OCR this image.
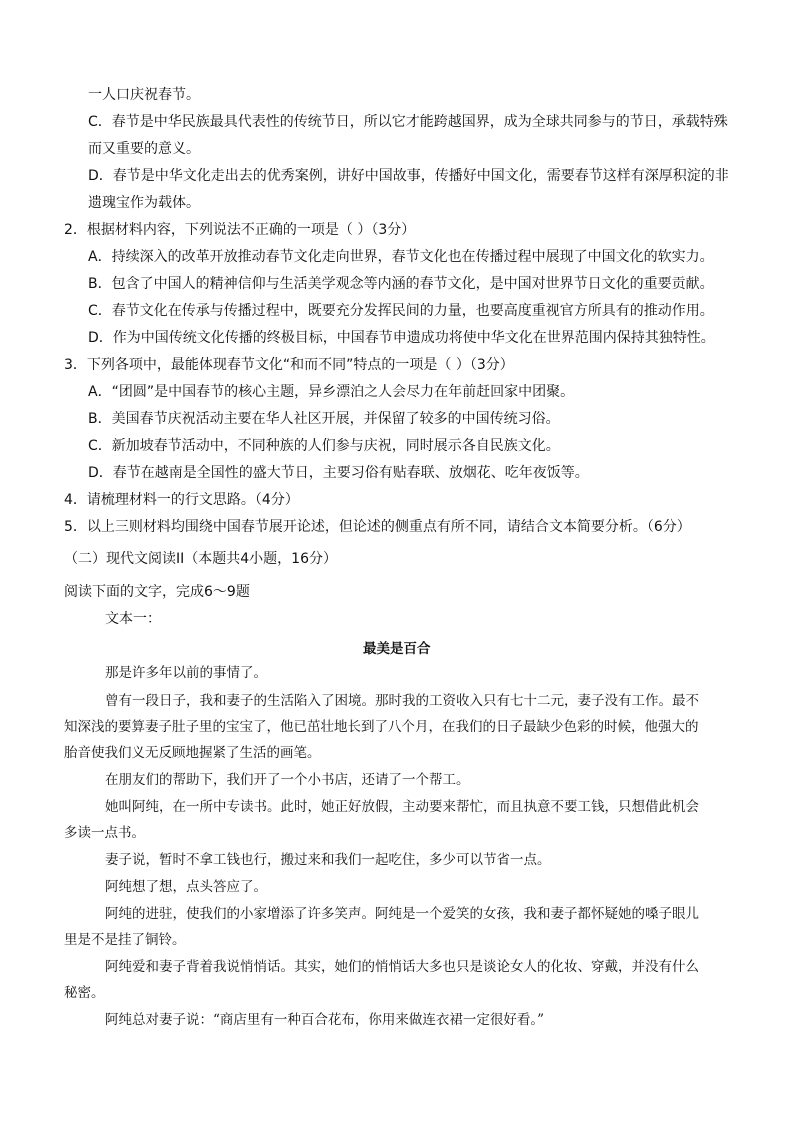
一人口庆祝春节。
C．春节是中华民族最具代表性的传统节日，所以它才能跨越国界，成为全球共同参与的节日，承载特殊
而又重要的意义。
D．春节是中华文化走出去的优秀案例，讲好中国故事，传播好中国文化，需要春节这样有深厚积淀的非
遗瑰宝作为载体。
2．根据材料内容，下列说法不正确的一项是（ ）（3分）
A．持续深入的改革开放推动春节文化走向世界，春节文化也在传播过程中展现了中国文化的软实力。
B．包含了中国人的精神信仰与生活美学观念等内涵的春节文化，是中国对世界节日文化的重要贡献。
C．春节文化在传承与传播过程中，既要充分发挥民间的力量，也要高度重视官方所具有的推动作用。
D．作为中国传统文化传播的终极目标，中国春节申遗成功将使中华文化在世界范围内保持其独特性。
3．下列各项中，最能体现春节文化“和而不同”特点的一项是（ ）（3分）
A．“团圆”是中国春节的核心主题，异乡漂泊之人会尽力在年前赶回家中团聚。
B．美国春节庆祝活动主要在华人社区开展，并保留了较多的中国传统习俗。
C．新加坡春节活动中，不同种族的人们参与庆祝，同时展示各自民族文化。
D．春节在越南是全国性的盛大节日，主要习俗有贴春联、放烟花、吃年夜饭等。
4．请梳理材料一的行文思路。（4分）
5．以上三则材料均围绕中国春节展开论述，但论述的侧重点有所不同，请结合文本简要分析。（6分）
（二）现代文阅读II（本题共4小题，16分）
阅读下面的文字，完成6～9题
文本一：
最美是百合
那是许多年以前的事情了。
曾有一段日子，我和妻子的生活陷入了困境。那时我的工资收入只有七十二元，妻子没有工作。最不
知深浅的要算妻子肚子里的宝宝了，他已茁壮地长到了八个月，在我们的日子最缺少色彩的时候，他强大的
胎音使我们义无反顾地握紧了生活的画笔。
在朋友们的帮助下，我们开了一个小书店，还请了一个帮工。
她叫阿纯，在一所中专读书。此时，她正好放假，主动要来帮忙，而且执意不要工钱，只想借此机会
多读一点书。
妻子说，暂时不拿工钱也行，搬过来和我们一起吃住，多少可以节省一点。
阿纯想了想，点头答应了。
阿纯的进驻，使我们的小家增添了许多笑声。阿纯是一个爱笑的女孩，我和妻子都怀疑她的嗓子眼儿
里是不是挂了铜铃。
阿纯爱和妻子背着我说悄悄话。其实，她们的悄悄话大多也只是谈论女人的化妆、穿戴，并没有什么
秘密。
阿纯总对妻子说：“商店里有一种百合花布，你用来做连衣裙一定很好看。”
